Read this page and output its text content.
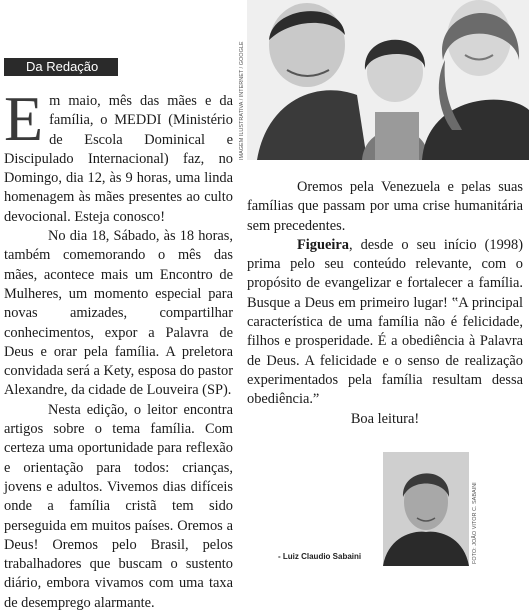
IMAGEM ILUSTRATIVA / INTERNET / GOOGLE
Da Redação

Em maio, mês das mães e da família, o MEDDI (Ministério de Escola Dominical e Discipulado Internacional) faz, no Domingo, dia 12, às 9 horas, uma linda homenagem às mães presentes ao culto devocional. Esteja conosco!

No dia 18, Sábado, às 18 horas, também comemorando o mês das mães, acontece mais um Encontro de Mulheres, um momento especial para novas amizades, compartilhar conhecimentos, expor a Palavra de Deus e orar pela família. A preletora convidada será a Kety, esposa do pastor Alexandre, da cidade de Louveira (SP).

Nesta edição, o leitor encontra artigos sobre o tema família. Com certeza uma oportunidade para reflexão e orientação para todos: crianças, jovens e adultos. Vivemos dias difíceis onde a família cristã tem sido perseguida em muitos países. Oremos a Deus! Oremos pelo Brasil, pelos trabalhadores que buscam o sustento diário, embora vivamos com uma taxa de desemprego alarmante.

Oremos pela Venezuela e pelas suas famílias que passam por uma crise humanitária sem precedentes.

Figueira, desde o seu início (1998) prima pelo seu conteúdo relevante, com o propósito de evangelizar e fortalecer a família. Busque a Deus em primeiro lugar! ‟A principal característica de uma família não é felicidade, filhos e prosperidade. É a obediência à Palavra de Deus. A felicidade e o senso de realização experimentados pela família resultam dessa obediência.”

Boa leitura!

- Luiz Claudio Sabaini	FOTO: JOÃO VITOR C. SABAINI
